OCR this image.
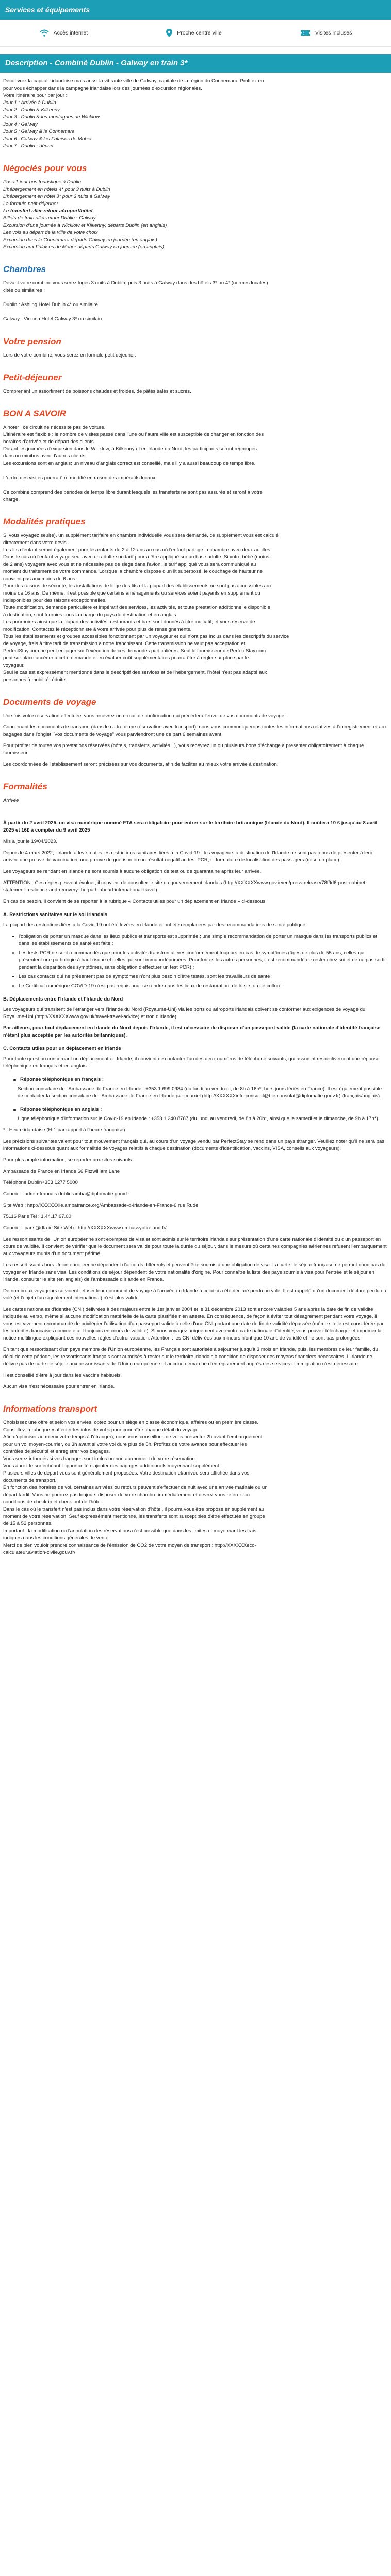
Services et équipements
Accès internet	Proche centre ville	Visites incluses
Description - Combiné Dublin - Galway en train 3*

Découvrez la capitale irlandaise mais aussi la vibrante ville de Galway, capitale de la région du Connemara. Profitez en

pour vous échapper dans la campagne irlandaise lors des journées d'excursion régionales.

Votre itinéraire pour par jour :

Jour 1 : Arrivée à Dublin

Jour 2 : Dublin & Kilkenny

Jour 3 : Dublin & les montagnes de Wicklow

Jour 4 : Galway

Jour 5 : Galway & le Connemara

Jour 6 : Galway & les Falaises de Moher

Jour 7 : Dublin - départ

Négociés pour vous

Pass 1 jour bus touristique à Dublin

L'hébergement en hôtels 4* pour 3 nuits à Dublin

L'hébergement en hôtel 3* pour 3 nuits à Galway

La formule petit-déjeuner

Le transfert aller-retour aéroport/hôtel

Billets de train aller-retour Dublin - Galway

Excursion d'une journée à Wicklow et Kilkenny, départs Dublin (en anglais)

Les vols au départ de la ville de votre choix

Excursion dans le Connemara départs Galway en journée (en anglais)

Excursion aux Falaises de Moher départs Galway en journée (en anglais)

Chambres

Devant votre combiné vous serez logés 3 nuits à Dublin, puis 3 nuits à Galway dans des hôtels 3* ou 4* (normes locales)

cités ou similaires :

Dublin : Ashling Hotel Dublin 4* ou similaire

Galway : Victoria Hotel Galway 3* ou similaire

Votre pension

Lors de votre combiné, vous serez en formule petit déjeuner.

Petit-déjeuner

Comprenant un assortiment de boissons chaudes et froides, de pâtés salés et sucrés.

BON A SAVOIR

A noter : ce circuit ne nécessite pas de voiture.

L'itinéraire est flexible : le nombre de visites passé dans l'une ou l'autre ville est susceptible de changer en fonction des

horaires d'arrivée et de départ des clients.

Durant les journées d'excursion dans le Wicklow, à Kilkenny et en Irlande du Nord, les participants seront regroupés

dans un minibus avec d'autres clients.

Les excursions sont en anglais; un niveau d'anglais correct est conseillé, mais il y a aussi beaucoup de temps libre.

L'ordre des visites pourra être modifié en raison des impératifs locaux.

Ce combiné comprend des périodes de temps libre durant lesquels les transferts ne sont pas assurés et seront à votre

charge.

Modalités pratiques

Si vous voyagez seul(e), un supplément tarifaire en chambre individuelle vous sera demandé, ce supplément vous est calculé

directement dans votre devis.

Les lits d'enfant seront également pour les enfants de 2 à 12 ans au cas où l'enfant partage la chambre avec deux adultes.

Dans le cas où l'enfant voyage seul avec un adulte son tarif pourra être appliqué sur un base adulte. Si votre bébé (moins

de 2 ans) voyagera avec vous et ne nécessite pas de siège dans l'avion, le tarif appliqué vous sera communiqué au

moment du traitement de votre commande. Lorsque la chambre dispose d'un lit superposé, le couchage de hauteur ne

convient pas aux moins de 6 ans.

Pour des raisons de sécurité, les installations de linge des lits et la plupart des établissements ne sont pas accessibles aux

moins de 16 ans. De même, il est possible que certains aménagements ou services soient payants en supplément ou

indisponibles pour des raisons exceptionnelles.

Toute modification, demande particulière et impératif des services, les activités, et toute prestation additionnelle disponible

à destination, sont fournies sous la charge du pays de destination et en anglais.

Les pourboires ainsi que la plupart des activités, restaurants et bars sont donnés à titre indicatif, et vous réserve de

modification. Contactez le réceptionniste à votre arrivée pour plus de renseignements.

Tous les établissements et groupes accessibles fonctionnent par un voyageur et qui n'ont pas inclus dans les descriptifs du service

de voyage, frais à titre tarif de transmission à notre franchissant. Cette transmission ne vaut pas acceptation et

PerfectStay.com ne peut engager sur l'exécution de ces demandes particulières. Seul le fournisseur de PerfectStay.com

peut sur place accéder à cette demande et en évaluer coût supplémentaires pourra être à régler sur place par le

voyageur.

Seul le cas est expressément mentionné dans le descriptif des services et de l'hébergement, l'hôtel n'est pas adapté aux

personnes à mobilité réduite.

Documents de voyage

Une fois votre réservation effectuée, vous recevrez un e-mail de confirmation qui précédera l'envoi de vos documents de voyage.

Concernant les documents de transport (dans le cadre d'une réservation avec transport), nous vous communiquerons toutes les informations relatives à l'enregistrement et aux bagages dans l'onglet "Vos documents de voyage" vous parviendront une de part 6 semaines avant.

Pour profiter de toutes vos prestations réservées (hôtels, transferts, activités...), vous recevrez un ou plusieurs bons d'échange à présenter obligatoirement à chaque fournisseur.

Les coordonnées de l'établissement seront précisées sur vos documents, afin de faciliter au mieux votre arrivée à destination.

Formalités

Arrivée

À partir du 2 avril 2025, un visa numérique nommé ETA sera obligatoire pour entrer sur le territoire britannique (Irlande du Nord). Il coûtera 10 £ jusqu'au 8 avril 2025 et 16£ à compter du 9 avril 2025

Mis à jour le 19/04/2023.

Depuis le 4 mars 2022, l'Irlande a levé toutes les restrictions sanitaires liées à la Covid-19 : les voyageurs à destination de l'Irlande ne sont pas tenus de présenter à leur arrivée une preuve de vaccination, une preuve de guérison ou un résultat négatif au test PCR, ni formulaire de localisation des passagers (mise en place).

Les voyageurs se rendant en Irlande ne sont soumis à aucune obligation de test ou de quarantaine après leur arrivée.

ATTENTION : Ces règles peuvent évoluer, il convient de consulter le site du gouvernement irlandais (http://XXXXXXwww.gov.ie/en/press-release/78f9d6-post-cabinet-statement-resilience-and-recovery-the-path-ahead-international-travel).

En cas de besoin, il convient de se reporter à la rubrique « Contacts utiles pour un déplacement en Irlande » ci-dessous.

A. Restrictions sanitaires sur le sol Irlandais

La plupart des restrictions liées à la Covid-19 ont été levées en Irlande et ont été remplacées par des recommandations de santé publique :

• l'obligation de porter un masque dans les lieux publics et transports est supprimée ; une simple recommandation de porter un masque dans les transports publics et dans les établissements de santé est faite ;
• Les tests PCR ne sont recommandés que pour les activités transfrontalières conformément toujours en cas de symptômes (âges de plus de 55 ans, celles qui présentent une pathologie à haut risque et celles qui sont immunodéprimées. Pour toutes les autres personnes, il est recommandé de rester chez soi et de ne pas sortir pendant la disparition des symptômes, sans obligation d'effectuer un test PCR) ;
• Les cas contacts qui ne présentent pas de symptômes n'ont plus besoin d'être testés, sont les travailleurs de santé ;
• Le Certificat numérique COVID-19 n'est pas requis pour se rendre dans les lieux de restauration, de loisirs ou de culture.

B. Déplacements entre l'Irlande et l'Irlande du Nord

Les voyageurs qui transitent de l'étranger vers l'Irlande du Nord (Royaume-Uni) via les ports ou aéroports irlandais doivent se conformer aux exigences de voyage du Royaume-Uni (http://XXXXXXwww.gov.uk/travel-travel-advice) et non d'Irlande).

Par ailleurs, pour tout déplacement en Irlande du Nord depuis l'Irlande, il est nécessaire de disposer d'un passeport valide (la carte nationale d'identité française n'étant plus acceptée par les autorités britanniques).

C. Contacts utiles pour un déplacement en Irlande

Pour toute question concernant un déplacement en Irlande, il convient de contacter l'un des deux numéros de téléphone suivants, qui assurent respectivement une réponse téléphonique en français et en anglais :

Réponse téléphonique en français :

Section consulaire de l'Ambassade de France en Irlande : +353 1 699 0984 (du lundi au vendredi, de 8h à 16h*, hors jours fériés en France). Il est également possible de contacter la section consulaire de l'Ambassade de France en Irlande par courriel (http://XXXXXXinfo-consulat@t.ie.consulat@diplomatie.gouv.fr) (français/anglais).

Réponse téléphonique en anglais :

Ligne téléphonique d'information sur le Covid-19 en Irlande : +353 1 240 8787 (du lundi au vendredi, de 8h à 20h*, ainsi que le samedi et le dimanche, de 9h à 17h*).

* : Heure irlandaise (H-1 par rapport à l'heure française)

Les précisions suivantes valent pour tout mouvement français qui, au cours d'un voyage vendu par PerfectStay se rend dans un pays étranger. Veuillez noter qu'il ne sera pas informations ci-dessous quant aux formalités de voyages relatifs à chaque destination (documents d'identification, vaccins, VISA, conseils aux voyageurs).

Pour plus ample information, se reporter aux sites suivants :

Ambassade de France en Irlande 66 Fitzwilliam Lane

Téléphone Dublin+353 1277 5000

Courriel : admin-francais.dublin-amba@diplomatie.gouv.fr

Site Web : http://XXXXXXie.ambafrance.org/Ambassade-d-Irlande-en-France-6 rue Rude

75116 Paris Tel : 1.44.17.67.00

Courriel : paris@dfa.ie Site Web : http://XXXXXXwww.embassyofireland.fr/

Les ressortissants de l'Union européenne sont exemptés de visa et sont admis sur le territoire irlandais sur présentation d'une carte nationale d'identité ou d'un passeport en cours de validité. Il convient de vérifier que le document sera valide pour toute la durée du séjour, dans le mesure où certaines compagnies aériennes refusent l'embarquement aux voyageurs munis d'un document périmé.

Les ressortissants hors Union européenne dépendent d'accords différents et peuvent être soumis à une obligation de visa. La carte de séjour française ne permet donc pas de voyager en Irlande sans visa. Les conditions de séjour dépendent de votre nationalité d'origine. Pour connaître la liste des pays soumis à visa pour l'entrée et le séjour en Irlande, consulter le site (en anglais) de l'ambassade d'Irlande en France.

De nombreux voyageurs se voient refuser leur document de voyage à l'arrivée en Irlande à celui-ci a été déclaré perdu ou volé. Il est rappelé qu'un document déclaré perdu ou volé (et l'objet d'un signalement international) n'est plus valide.

Les cartes nationales d'identité (CNI) délivrées à des majeurs entre le 1er janvier 2004 et le 31 décembre 2013 sont encore valables 5 ans après la date de fin de validité indiquée au verso, même si aucune modification matérielle de la carte plastifiée n'en atteste. En conséquence, de façon à éviter tout désagrément pendant votre voyage, il vous est vivement recommandé de privilégier l'utilisation d'un passeport valide à celle d'une CNI portant une date de fin de validité dépassée (même si elle est considérée par les autorités françaises comme étant toujours en cours de validité). Si vous voyagez uniquement avec votre carte nationale d'identité, vous pouvez télécharger et imprimer la notice multilingue expliquant ces nouvelles règles d'octroi vacation. Attention : les CNI délivrées aux mineurs n'ont que 10 ans de validité et ne sont pas prolongées.

En tant que ressortissant d'un pays membre de l'Union européenne, les Français sont autorisés à séjourner jusqu'à 3 mois en Irlande, puis, les membres de leur famille, du délai de cette période, les ressortissants français sont autorisés à rester sur le territoire irlandais à condition de disposer des moyens financiers nécessaires. L'Irlande ne délivre pas de carte de séjour aux ressortissants de l'Union européenne et aucune démarche d'enregistrement auprès des services d'immigration n'est nécessaire.

Il est conseillé d'être à jour dans les vaccins habituels.

Aucun visa n'est nécessaire pour entrer en Irlande.

Informations transport

Choisissez une offre et selon vos envies, optez pour un siège en classe économique, affaires ou en première classe.

Consultez la rubrique « affecter les infos de vol » pour connaître chaque détail du voyage.

Afin d'optimiser au mieux votre temps à l'étranger), nous vous conseillons de vous présenter 2h avant l'embarquement

pour un vol moyen-courrier, ou 3h avant si votre vol dure plus de 5h. Profitez de votre avance pour effectuer les

contrôles de sécurité et enregistrer vos bagages.

Vous serez informés si vos bagages sont inclus ou non au moment de votre réservation.

Vous aurez le sur échéant l'opportunité d'ajouter des bagages additionnels moyennant supplément.

Plusieurs villes de départ vous sont généralement proposées. Votre destination et/arrivée sera affichée dans vos

documents de transport.

En fonction des horaires de vol, certaines arrivées ou retours peuvent s'effectuer de nuit avec une arrivée matinale ou un

départ tardif. Vous ne pourrez pas toujours disposer de votre chambre immédiatement et devrez vous référer aux

conditions de check-in et check-out de l'hôtel.

Dans le cas où le transfert n'est pas inclus dans votre réservation d'hôtel, il pourra vous être proposé en supplément au

moment de votre réservation. Seuf expressément mentionné, les transferts sont susceptibles d'être effectués en groupe

de 15 à 52 personnes.

Important : la modification ou l'annulation des réservations n'est possible que dans les limites et moyennant les frais

indiqués dans les conditions générales de vente.

Merci de bien vouloir prendre connaissance de l'émission de CO2 de votre moyen de transport : http://XXXXXXeco-

calculateur.aviation-civile.gouv.fr/
